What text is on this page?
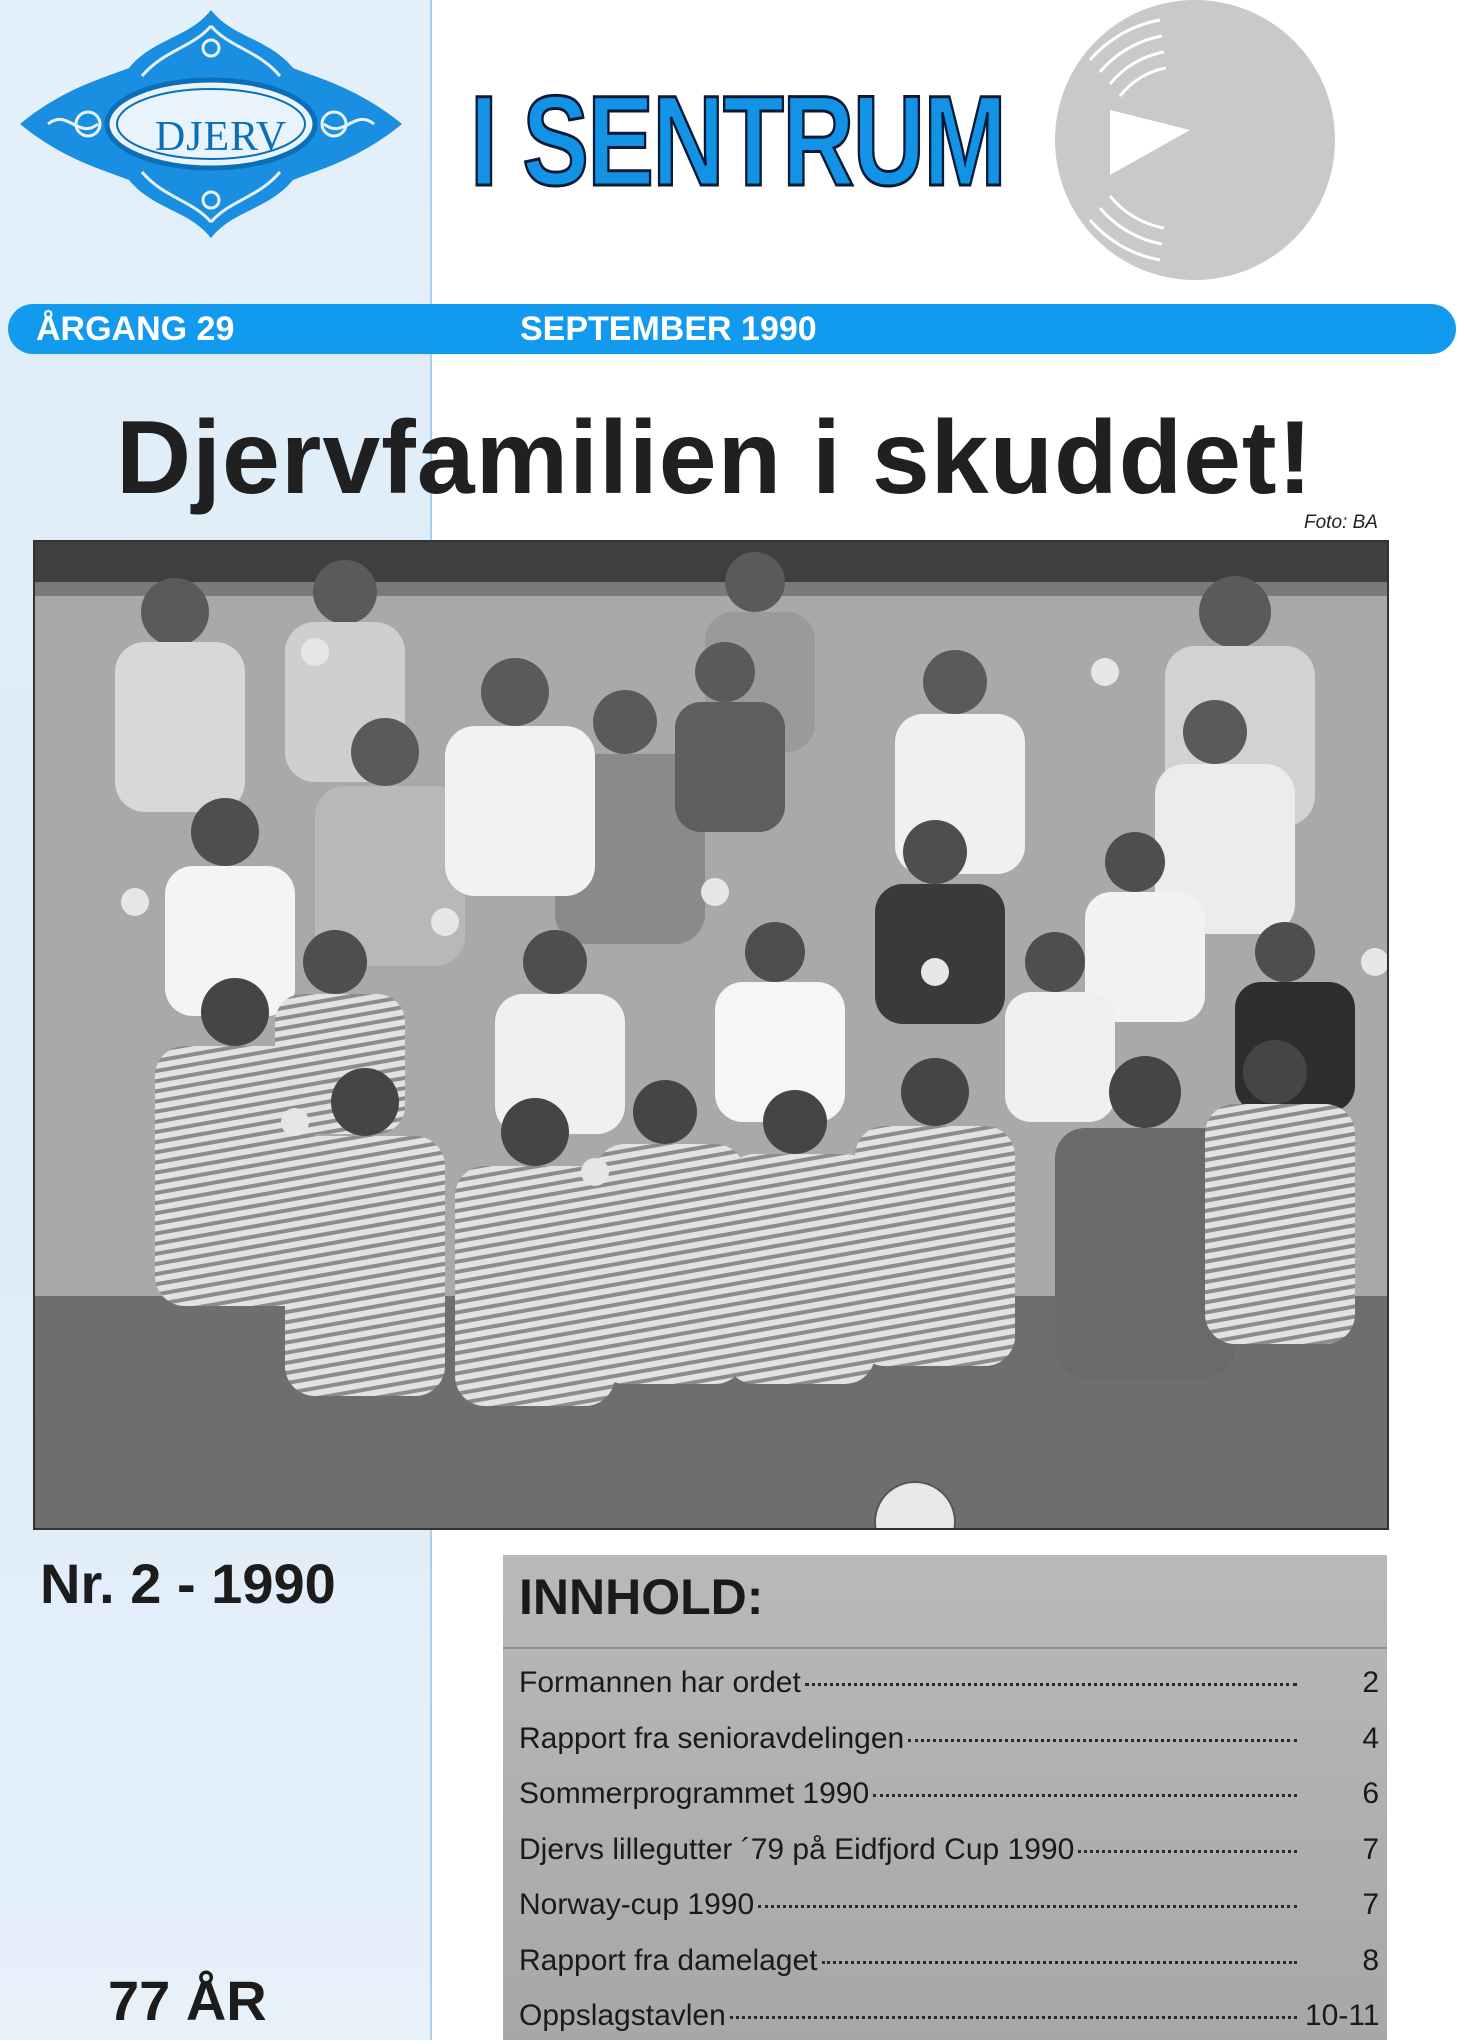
DJERV I SENTRUM
ÅRGANG 29	SEPTEMBER 1990
Djervfamilien i skuddet!
Foto: BA
Nr. 2 - 1990
77 ÅR
INNHOLD:
Formannen har ordet	2
Rapport fra senioravdelingen	4
Sommerprogrammet 1990	6
Djervs lillegutter ´79 på Eidfjord Cup 1990	7
Norway-cup 1990	7
Rapport fra damelaget	8
Oppslagstavlen	10-11
